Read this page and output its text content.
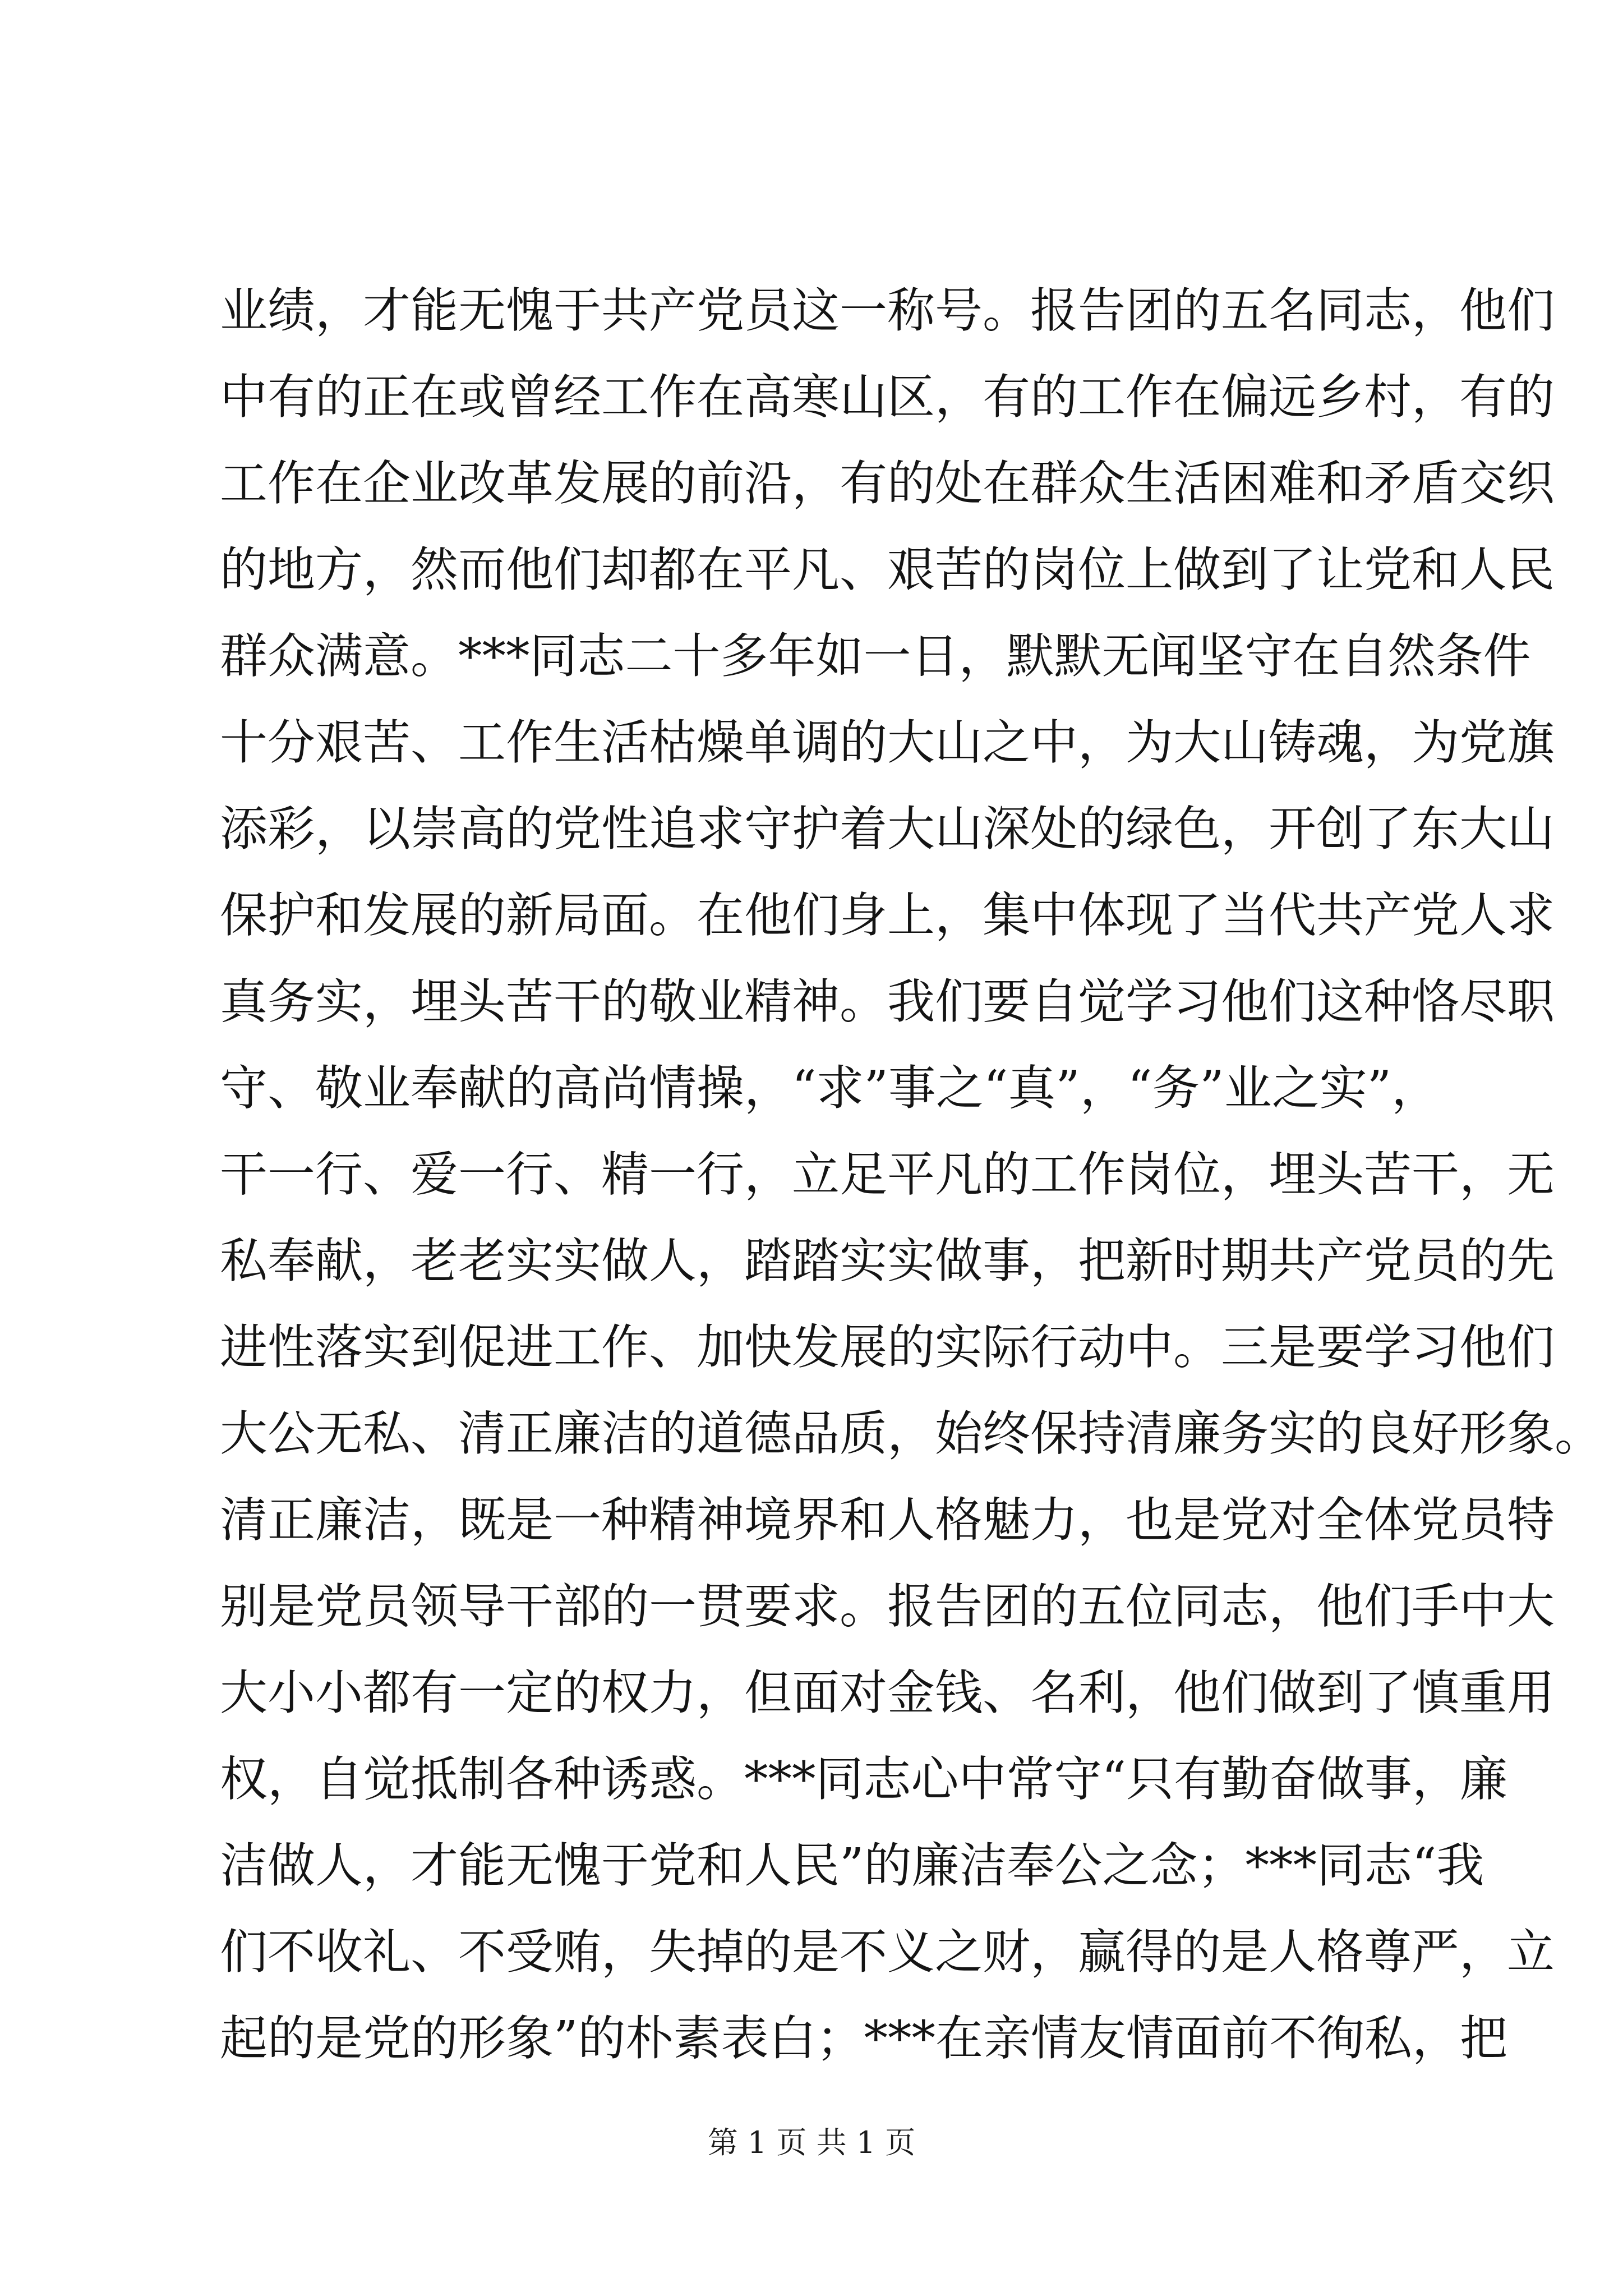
业绩，才能无愧于共产党员这一称号。报告团的五名同志，他们
中有的正在或曾经工作在高寒山区，有的工作在偏远乡村，有的
工作在企业改革发展的前沿，有的处在群众生活困难和矛盾交织
的地方，然而他们却都在平凡、艰苦的岗位上做到了让党和人民
群众满意。***同志二十多年如一日，默默无闻坚守在自然条件
十分艰苦、工作生活枯燥单调的大山之中，为大山铸魂，为党旗
添彩，以崇高的党性追求守护着大山深处的绿色，开创了东大山
保护和发展的新局面。在他们身上，集中体现了当代共产党人求
真务实，埋头苦干的敬业精神。我们要自觉学习他们这种恪尽职
守、敬业奉献的高尚情操，“求”事之“真”，“务”业之实”，
干一行、爱一行、精一行，立足平凡的工作岗位，埋头苦干，无
私奉献，老老实实做人，踏踏实实做事，把新时期共产党员的先
进性落实到促进工作、加快发展的实际行动中。三是要学习他们
大公无私、清正廉洁的道德品质，始终保持清廉务实的良好形象。
清正廉洁，既是一种精神境界和人格魅力，也是党对全体党员特
别是党员领导干部的一贯要求。报告团的五位同志，他们手中大
大小小都有一定的权力，但面对金钱、名利，他们做到了慎重用
权，自觉抵制各种诱惑。***同志心中常守“只有勤奋做事，廉
洁做人，才能无愧于党和人民”的廉洁奉公之念；***同志“我
们不收礼、不受贿，失掉的是不义之财，赢得的是人格尊严，立
起的是党的形象”的朴素表白；***在亲情友情面前不徇私，把
第 1 页 共 1 页
